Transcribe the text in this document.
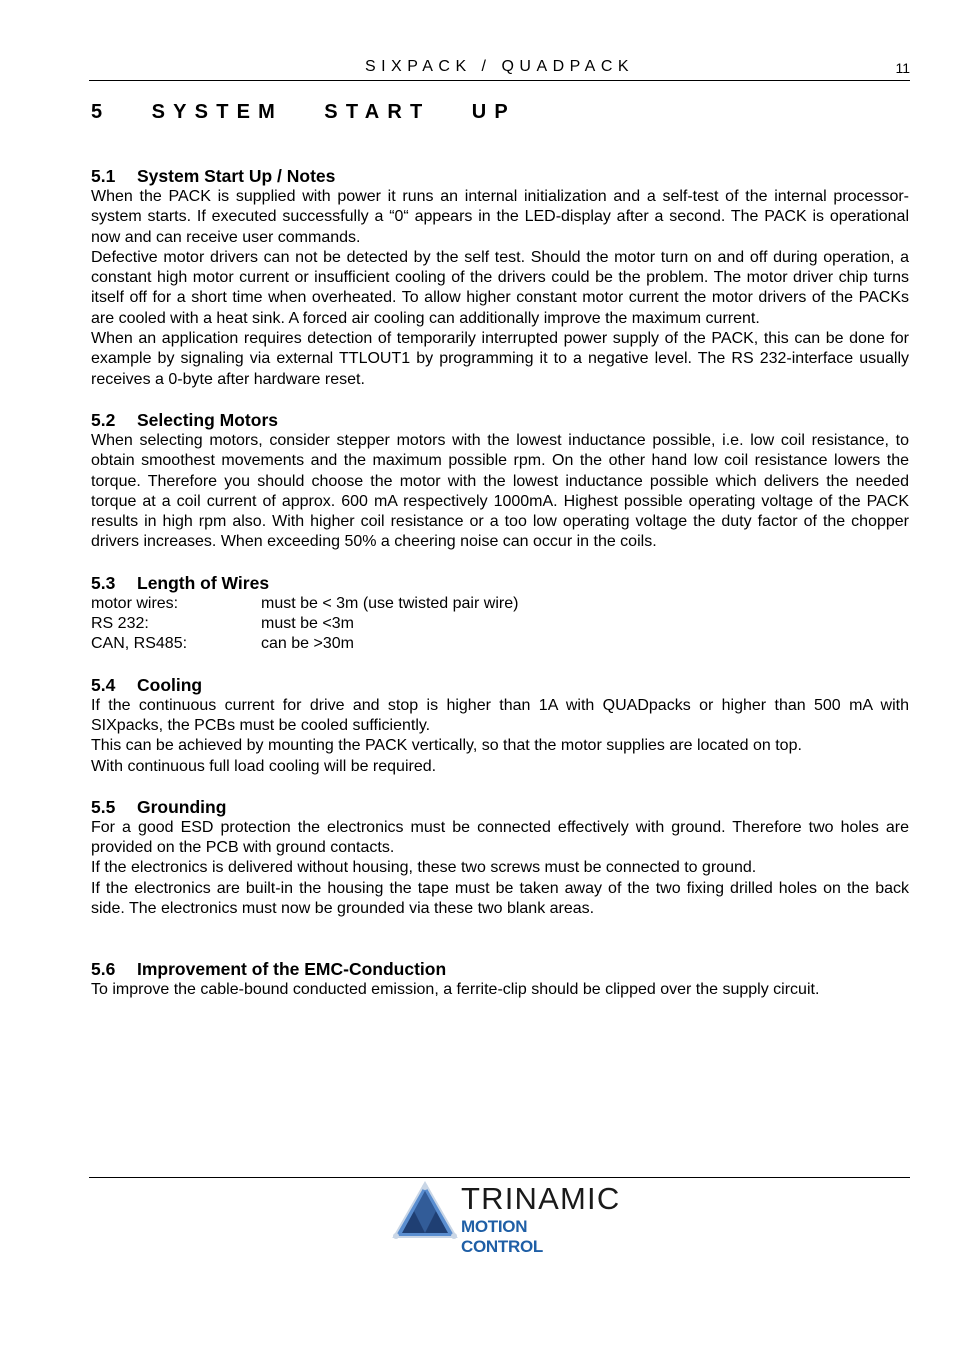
SIXPACK / QUADPACK	11
5   SYSTEM   START   UP
5.1 System Start Up / Notes

When the PACK is supplied with power it runs an internal initialization and a self-test of the internal processor-system starts. If executed successfully a “0“ appears in the LED-display after a second. The PACK is operational now and can receive user commands.

Defective motor drivers can not be detected by the self test. Should the motor turn on and off during operation, a constant high motor current or insufficient cooling of the drivers could be the problem. The motor driver chip turns itself off for a short time when overheated. To allow higher constant motor current the motor drivers of the PACKs are cooled with a heat sink. A forced air cooling can additionally improve the maximum current.

When an application requires detection of temporarily interrupted power supply of the PACK, this can be done for example by signaling via external TTLOUT1 by programming it to a negative level. The RS 232-interface usually receives a 0-byte after hardware reset.

5.2 Selecting Motors

When selecting motors, consider stepper motors with the lowest inductance possible, i.e. low coil resistance, to obtain smoothest movements and the maximum possible rpm. On the other hand low coil resistance lowers the torque. Therefore you should choose the motor with the lowest inductance possible which delivers the needed torque at a coil current of approx. 600 mA respectively 1000mA. Highest possible operating voltage of the PACK results in high rpm also. With higher coil resistance or a too low operating voltage the duty factor of the chopper drivers increases. When exceeding 50% a cheering noise can occur in the coils.

5.3 Length of Wires
motor wires:	must be < 3m (use twisted pair wire)
RS 232:	must be <3m
CAN, RS485:	can be >30m
5.4 Cooling

If the continuous current for drive and stop is higher than 1A with QUADpacks or higher than 500 mA with SIXpacks, the PCBs must be cooled sufficiently.

This can be achieved by mounting the PACK vertically, so that the motor supplies are located on top.

With continuous full load cooling will be required.

5.5 Grounding

For a good ESD protection the electronics must be connected effectively with ground. Therefore two holes are provided on the PCB with ground contacts.

If the electronics is delivered without housing, these two screws must be connected to ground.

If the electronics are built-in the housing the tape must be taken away of the two fixing drilled holes on the back side. The electronics must now be grounded via these two blank areas.

5.6 Improvement of the EMC-Conduction

To improve the cable-bound conducted emission, a ferrite-clip should be clipped over the supply circuit.

TRINAMIC
MOTION CONTROL
